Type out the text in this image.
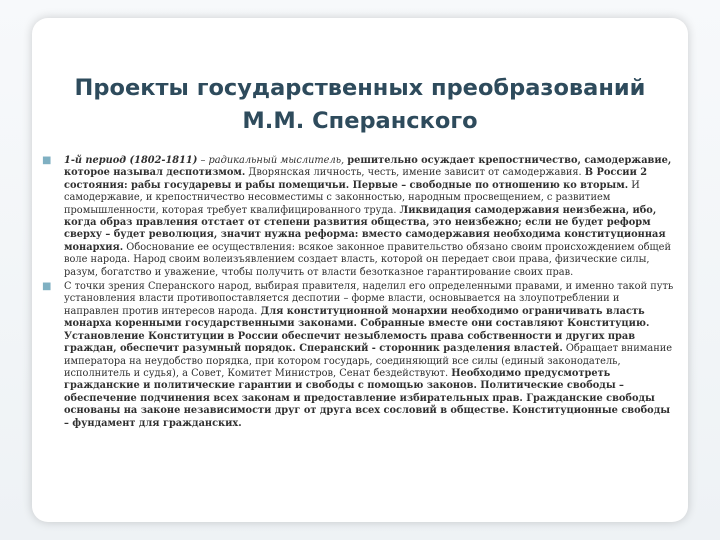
Проекты государственных преобразований
М.М. Сперанского
■ 1-й период (1802-1811) – радикальный мыслитель, решительно осуждает крепостничество, самодержавие, которое называл деспотизмом. Дворянская личность, честь, имение зависит от самодержавия. В России 2 состояния: рабы государевы и рабы помещичьи. Первые – свободные по отношению ко вторым. И самодержавие, и крепостничество несовместимы с законностью, народным просвещением, с развитием промышленности, которая требует квалифицированного труда. Ликвидация самодержавия неизбежна, ибо, когда образ правления отстает от степени развития общества, это неизбежно; если не будет реформ сверху – будет революция, значит нужна реформа: вместо самодержавия необходима конституционная монархия. Обоснование ее осуществления: всякое законное правительство обязано своим происхождением общей воле народа. Народ своим волеизъявлением создает власть, которой он передает свои права, физические силы, разум, богатство и уважение, чтобы получить от власти безотказное гарантирование своих прав.
■ С точки зрения Сперанского народ, выбирая правителя, наделил его определенными правами, и именно такой путь установления власти противопоставляется деспотии – форме власти, основывается на злоупотреблении и направлен против интересов народа. Для конституционной монархии необходимо ограничивать власть монарха коренными государственными законами. Собранные вместе они составляют Конституцию. Установление Конституции в России обеспечит незыблемость права собственности и других прав граждан, обеспечит разумный порядок. Сперанский - сторонник разделения властей. Обращает внимание императора на неудобство порядка, при котором государь, соединяющий все силы (единый законодатель, исполнитель и судья), а Совет, Комитет Министров, Сенат бездействуют. Необходимо предусмотреть гражданские и политические гарантии и свободы с помощью законов. Политические свободы – обеспечение подчинения всех законам и предоставление избирательных прав. Гражданские свободы основаны на законе независимости друг от друга всех сословий в обществе. Конституционные свободы – фундамент для гражданских.
